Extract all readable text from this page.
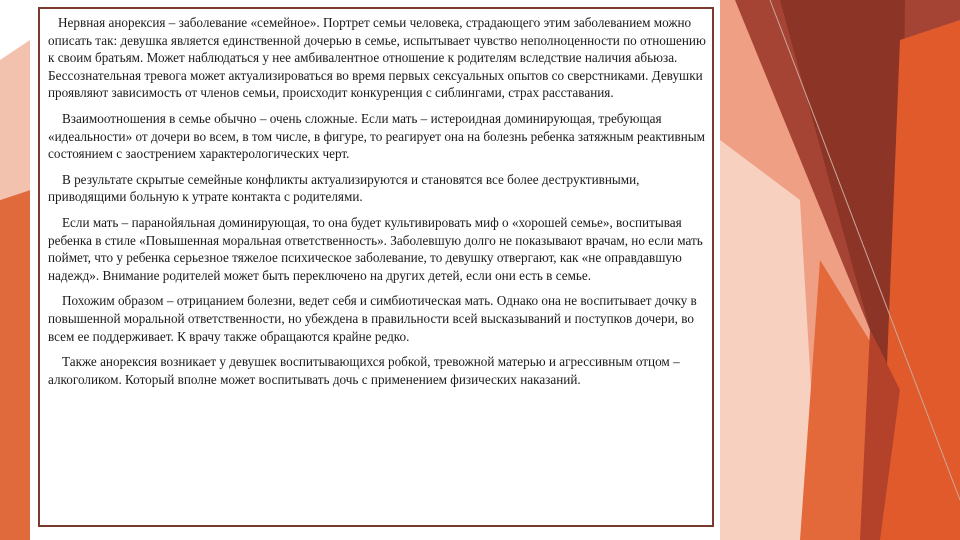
Нервная анорексия – заболевание «семейное». Портрет семьи человека, страдающего этим заболеванием можно описать так: девушка является единственной дочерью в семье, испытывает чувство неполноценности по отношению к своим братьям. Может наблюдаться у нее амбивалентное отношение к родителям вследствие наличия абьюза. Бессознательная тревога может актуализироваться во время первых сексуальных опытов со сверстниками. Девушки проявляют зависимость от членов семьи, происходит конкуренция с сиблингами, страх расставания.

Взаимоотношения в семье обычно – очень сложные. Если мать – истероидная доминирующая, требующая «идеальности» от дочери во всем, в том числе, в фигуре, то реагирует она на болезнь ребенка затяжным реактивным состоянием с заострением характерологических черт.

В результате скрытые семейные конфликты актуализируются и становятся все более деструктивными, приводящими больную к утрате контакта с родителями.

Если мать – паранойяльная доминирующая, то она будет культивировать миф о «хорошей семье», воспитывая ребенка в стиле «Повышенная моральная ответственность». Заболевшую долго не показывают врачам, но если мать поймет, что у ребенка серьезное тяжелое психическое заболевание, то девушку отвергают, как «не оправдавшую надежд». Внимание родителей может быть переключено на других детей, если они есть в семье.

Похожим образом – отрицанием болезни, ведет себя и симбиотическая мать. Однако она не воспитывает дочку в повышенной моральной ответственности, но убеждена в правильности всей высказываний и поступков дочери, во всем ее поддерживает. К врачу также обращаются крайне редко.

Также анорексия возникает у девушек воспитывающихся робкой, тревожной матерью и агрессивным отцом – алкоголиком. Который вполне может воспитывать дочь с применением физических наказаний.
